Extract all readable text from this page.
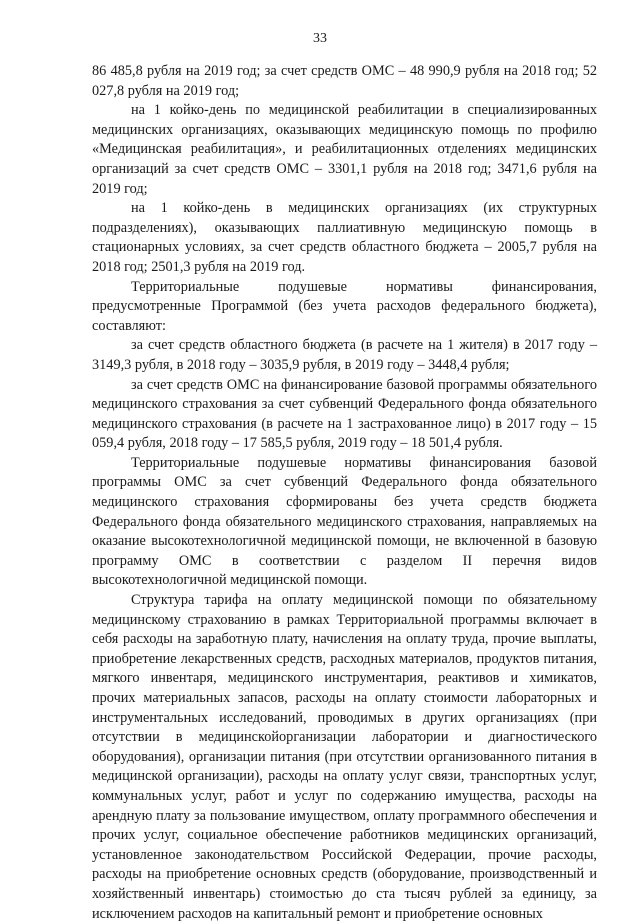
33

86 485,8 рубля на 2019 год; за счет средств ОМС – 48 990,9 рубля на 2018 год; 52 027,8 рубля на 2019 год;

на 1 койко-день по медицинской реабилитации в специализированных медицинских организациях, оказывающих медицинскую помощь по профилю «Медицинская реабилитация», и реабилитационных отделениях медицинских организаций за счет средств ОМС – 3301,1 рубля на 2018 год; 3471,6 рубля на 2019 год;

на 1 койко-день в медицинских организациях (их структурных подразделениях), оказывающих паллиативную медицинскую помощь в стационарных условиях, за счет средств областного бюджета – 2005,7 рубля на 2018 год; 2501,3 рубля на 2019 год.

Территориальные подушевые нормативы финансирования, предусмотренные Программой (без учета расходов федерального бюджета), составляют:

за счет средств областного бюджета (в расчете на 1 жителя) в 2017 году – 3149,3 рубля, в 2018 году – 3035,9 рубля, в 2019 году – 3448,4 рубля;

за счет средств ОМС на финансирование базовой программы обязательного медицинского страхования за счет субвенций Федерального фонда обязательного медицинского страхования (в расчете на 1 застрахованное лицо) в 2017 году – 15 059,4 рубля, 2018 году – 17 585,5 рубля, 2019 году – 18 501,4 рубля.

Территориальные подушевые нормативы финансирования базовой программы ОМС за счет субвенций Федерального фонда обязательного медицинского страхования сформированы без учета средств бюджета Федерального фонда обязательного медицинского страхования, направляемых на оказание высокотехнологичной медицинской помощи, не включенной в базовую программу ОМС в соответствии с разделом II перечня видов высокотехнологичной медицинской помощи.

Структура тарифа на оплату медицинской помощи по обязательному медицинскому страхованию в рамках Территориальной программы включает в себя расходы на заработную плату, начисления на оплату труда, прочие выплаты, приобретение лекарственных средств, расходных материалов, продуктов питания, мягкого инвентаря, медицинского инструментария, реактивов и химикатов, прочих материальных запасов, расходы на оплату стоимости лабораторных и инструментальных исследований, проводимых в других организациях (при отсутствии в медицинскойорганизации лаборатории и диагностического оборудования), организации питания (при отсутствии организованного питания в медицинской организации), расходы на оплату услуг связи, транспортных услуг, коммунальных услуг, работ и услуг по содержанию имущества, расходы на арендную плату за пользование имуществом, оплату программного обеспечения и прочих услуг, социальное обеспечение работников медицинских организаций, установленное законодательством Российской Федерации, прочие расходы, расходы на приобретение основных средств (оборудование, производственный и хозяйственный инвентарь) стоимостью до ста тысяч рублей за единицу, за исключением расходов на капитальный ремонт и приобретение основных
